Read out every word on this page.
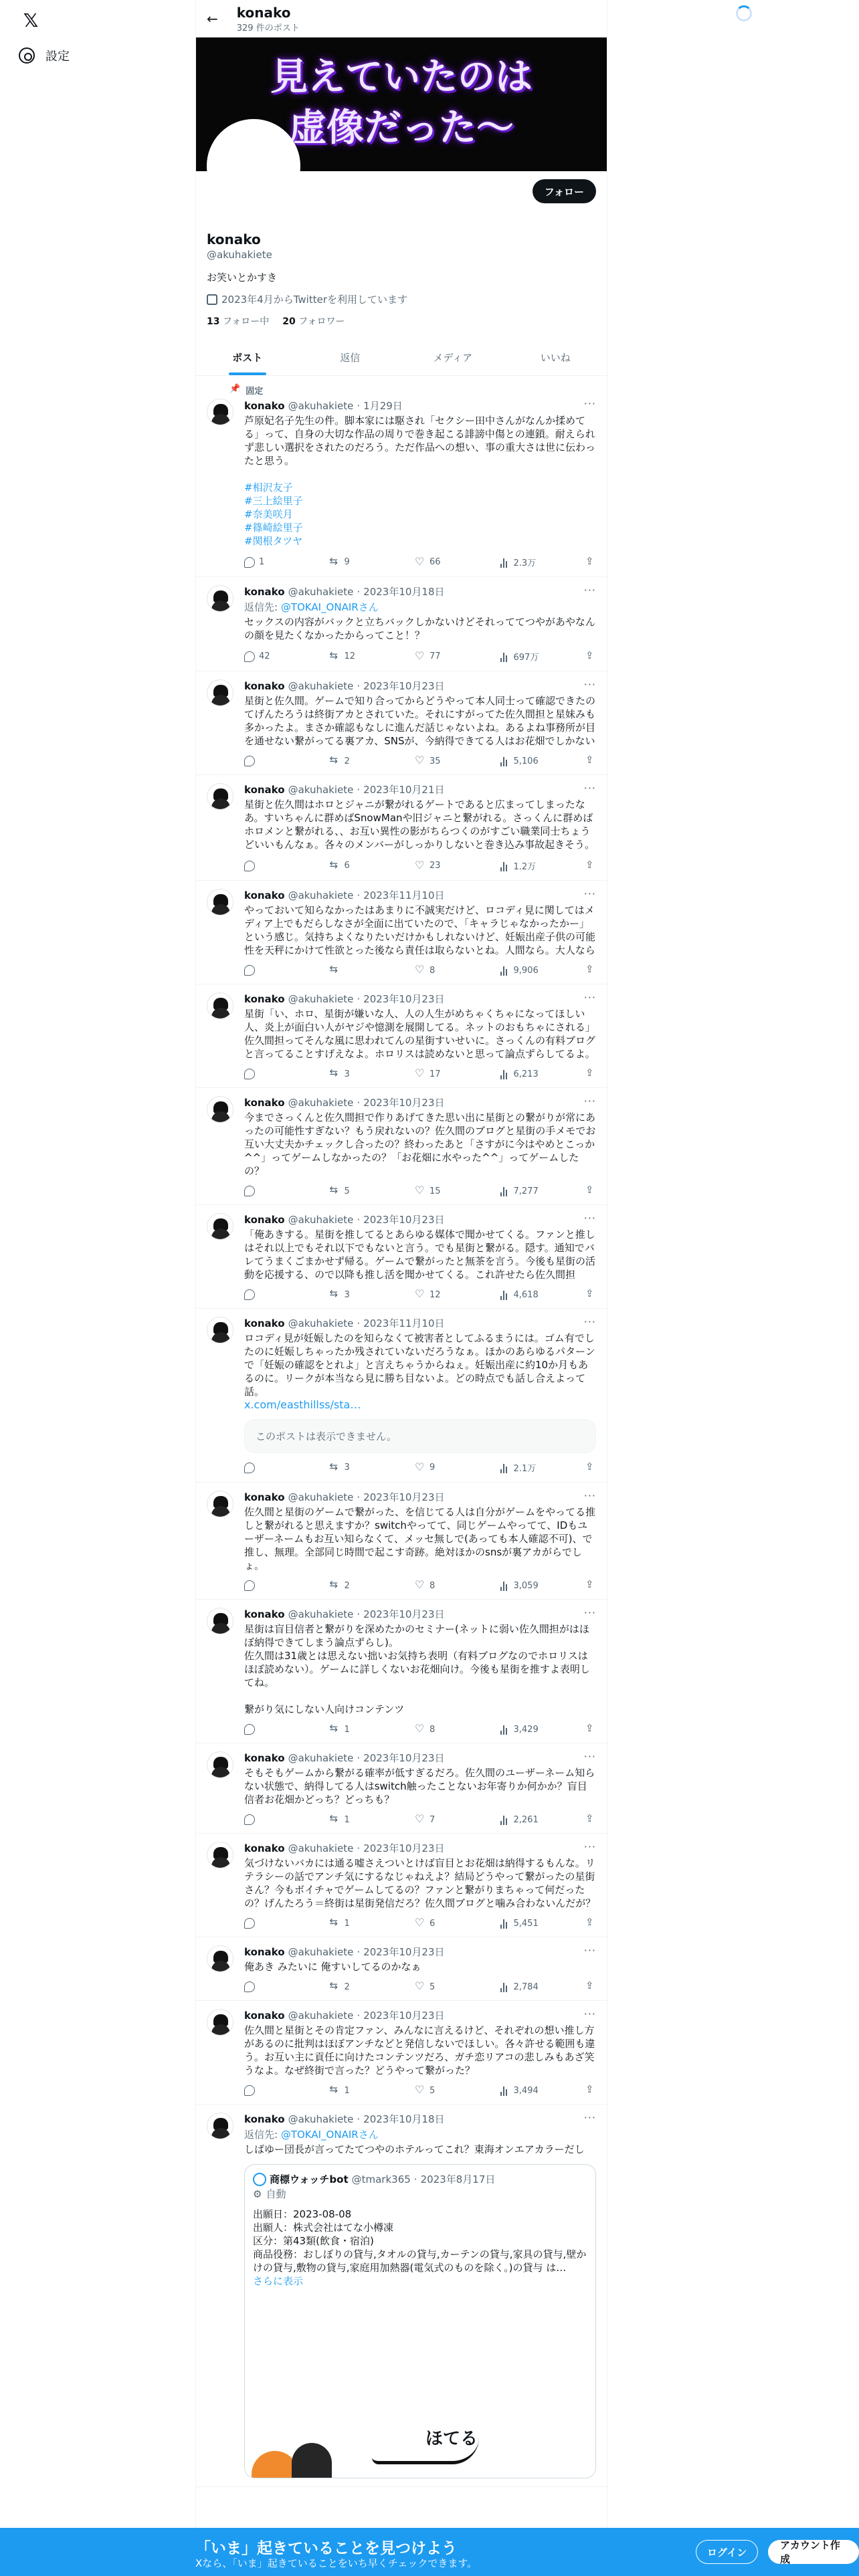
𝕏
設定
← konako
329 件のポスト
見えていたのは
虚像だった〜
フォロー
konako
@akuhakiete
お笑いとかすき
2023年4月からTwitterを利用しています
13 フォロー中 20 フォロワー
ポスト	返信	メディア	いいね
📌 固定
···
konako @akuhakiete · 1月29日
芦原妃名子先生の件。脚本家には駆され「セクシー田中さんがなんか揉めてる」って、自身の大切な作品の周りで巻き起こる誹謗中傷との連鎖。耐えられず悲しい選択をされたのだろう。ただ作品への想い、事の重大さは世に伝わったと思う。
#相沢友子
#三上絵里子
#奈美咲月
#篠崎絵里子
#関根タツヤ
1 ⇆	9 ♡	66	2.3万
⇪
···
konako @akuhakiete · 2023年10月18日
返信先: @TOKAI_ONAIRさん
セックスの内容がバックと立ちバックしかないけどそれっててつやがあやなんの顔を見たくなかったからってこと！？
42 ⇆	12 ♡	77	697万
⇪
···
konako @akuhakiete · 2023年10月23日
星街と佐久間。ゲームで知り合ってからどうやって本人同士って確認できたのてげんたろうは終街アカとされていた。それにすがってた佐久間担と星妹みも多かったよ。まさか確認もなしに進んだ話じゃないよね。あるよね事務所が目を通せない繋がってる裏アカ、SNSが、今納得できてる人はお花畑でしかない
⇆
2 ♡	35	5,106
⇪
···
konako @akuhakiete · 2023年10月21日
星街と佐久間はホロとジャニが繋がれるゲートであると広まってしまったなあ。すいちゃんに群めばSnowManや旧ジャニと繋がれる。さっくんに群めばホロメンと繋がれる、、お互い異性の影がちらつくのがすごい職業同士ちょうどいいもんなぁ。各々のメンバーがしっかりしないと巻き込み事故起きそう。
⇆
6 ♡	23	1.2万
⇪
···
konako @akuhakiete · 2023年11月10日
やっておいて知らなかったはあまりに不誠実だけど、ロコディ見に関してはメディア上でもだらしなさが全面に出ていたので、「キャラじゃなかったかー」という感じ。気持ちよくなりたいだけかもしれないけど、妊娠出産子供の可能性を天秤にかけて性欲とった後なら責任は取らないとね。人間なら。大人なら
⇆
♡
8	9,906
⇪
···
konako @akuhakiete · 2023年10月23日
星街「い、ホロ、星街が嫌いな人、人の人生がめちゃくちゃになってほしい人、炎上が面白い人がヤジや憶測を展開してる。ネットのおもちゃにされる」
佐久間担ってそんな風に思われてんの星街すいせいに。さっくんの有料ブログと言ってることすげえなよ。ホロリスは読めないと思って論点ずらしてるよ。
⇆
3 ♡	17	6,213
⇪
···
konako @akuhakiete · 2023年10月23日
今までさっくんと佐久間担で作りあげてきた思い出に星街との繋がりが常にあったの可能性すぎない？もう戻れないの？佐久間のブログと星街の手メモでお互い大丈夫かチェックし合ったの？終わったあと「さすがに今はやめとこっか^^」ってゲームしなかったの？「お花畑に水やった^^」ってゲームしたの？
⇆
5 ♡	15	7,277
⇪
···
konako @akuhakiete · 2023年10月23日
「俺あきする。星街を推してるとあらゆる媒体で聞かせてくる。ファンと推しはそれ以上でもそれ以下でもないと言う。でも星街と繋がる。隠す。通知でバレてうまくごまかせず帰る。ゲームで繋がったと無茶を言う。今後も星街の活動を応援する、ので以降も推し活を聞かせてくる。これ許せたら佐久間担
⇆
3 ♡	12	4,618
⇪
···
konako @akuhakiete · 2023年11月10日
ロコディ見が妊娠したのを知らなくて被害者としてふるまうには。ゴム有でしたのに妊娠しちゃったか残されていないだろうなぁ。ほかのあらゆるパターンで「妊娠の確認をとれよ」と言えちゃうからねぇ。妊娠出産に約10か月もあるのに。リークが本当なら見に勝ち目ないよ。どの時点でも話し合えよって話。
x.com/easthillss/sta…
このポストは表示できません。
⇆
3 ♡	9	2.1万
⇪
···
konako @akuhakiete · 2023年10月23日
佐久間と星街のゲームで繋がった、を信じてる人は自分がゲームをやってる推しと繋がれると思えますか？switchやってて、同じゲームやってて、IDもユーザーネームもお互い知らなくて、メッセ無しで(あっても本人確認不可)、で推し、無理。全部同じ時間で起こす奇跡。絶対ほかのsnsが裏アカがらでしょ。
⇆
2 ♡	8	3,059
⇪
···
konako @akuhakiete · 2023年10月23日
星街は盲目信者と繋がりを深めたかのセミナー(ネットに弱い佐久間担がはほぼ納得できてしまう論点ずらし)。
佐久間は31歳とは思えない拙いお気持ち表明（有料ブログなのでホロリスはほぼ読めない）。ゲームに詳しくないお花畑向け。今後も星街を推すよ表明してね。

繋がり気にしない人向けコンテンツ
⇆
1 ♡	8	3,429
⇪
···
konako @akuhakiete · 2023年10月23日
そもそもゲームから繋がる確率が低すぎるだろ。佐久間のユーザーネーム知らない状態で、納得してる人はswitch触ったことないお年寄りか何かか？盲目信者お花畑かどっち？どっちも？
⇆
1 ♡	7	2,261
⇪
···
konako @akuhakiete · 2023年10月23日
気づけないバカには通る嘘さえついとけば盲目とお花畑は納得するもんな。リテラシーの話でアンチ気にするなじゃねえよ？結局どうやって繋がったの星街さん？今もボイチャでゲームしてるの？ファンと繋がりまちゃって何だったの？げんたろう＝終街は星街発信だろ？佐久間ブログと噛み合わないんだが？
⇆
1 ♡	6	5,451
⇪
···
konako @akuhakiete · 2023年10月23日
俺あき みたいに 俺すいしてるのかなぁ
⇆
2 ♡	5	2,784
⇪
···
konako @akuhakiete · 2023年10月23日
佐久間と星街とその肯定ファン、みんなに言えるけど、それぞれの想い推し方があるのに批判はほぼアンチなどと発信しないでほしい。各々許せる範囲も違う。お互い主に貢任に向けたコンテンツだろ、ガチ恋リアコの悲しみもあざ笑うなよ。なぜ終街で言った？どうやって繋がった？
⇆
1 ♡	5	3,494
⇪
···
konako @akuhakiete · 2023年10月18日
返信先: @TOKAI_ONAIRさん
しばゆー団長が言ってたてつやのホテルってこれ？東海オンエアカラーだし
商標ウォッチbot @tmark365 · 2023年8月17日
⚙ 自動
出願日：2023-08-08
出願人：株式会社はてな小樽凍
区分：第43類(飲食・宿泊)
商品役務：おしぼりの貸与,タオルの貸与,カーテンの貸与,家具の貸与,壁かけの貸与,敷物の貸与,家庭用加熱器(電気式のものを除く。)の貸与 は…
さらに表示
ほてる
「いま」起きていることを見つけよう
Xなら、「いま」起きていることをいち早くチェックできます。
ログイン
アカウント作成
